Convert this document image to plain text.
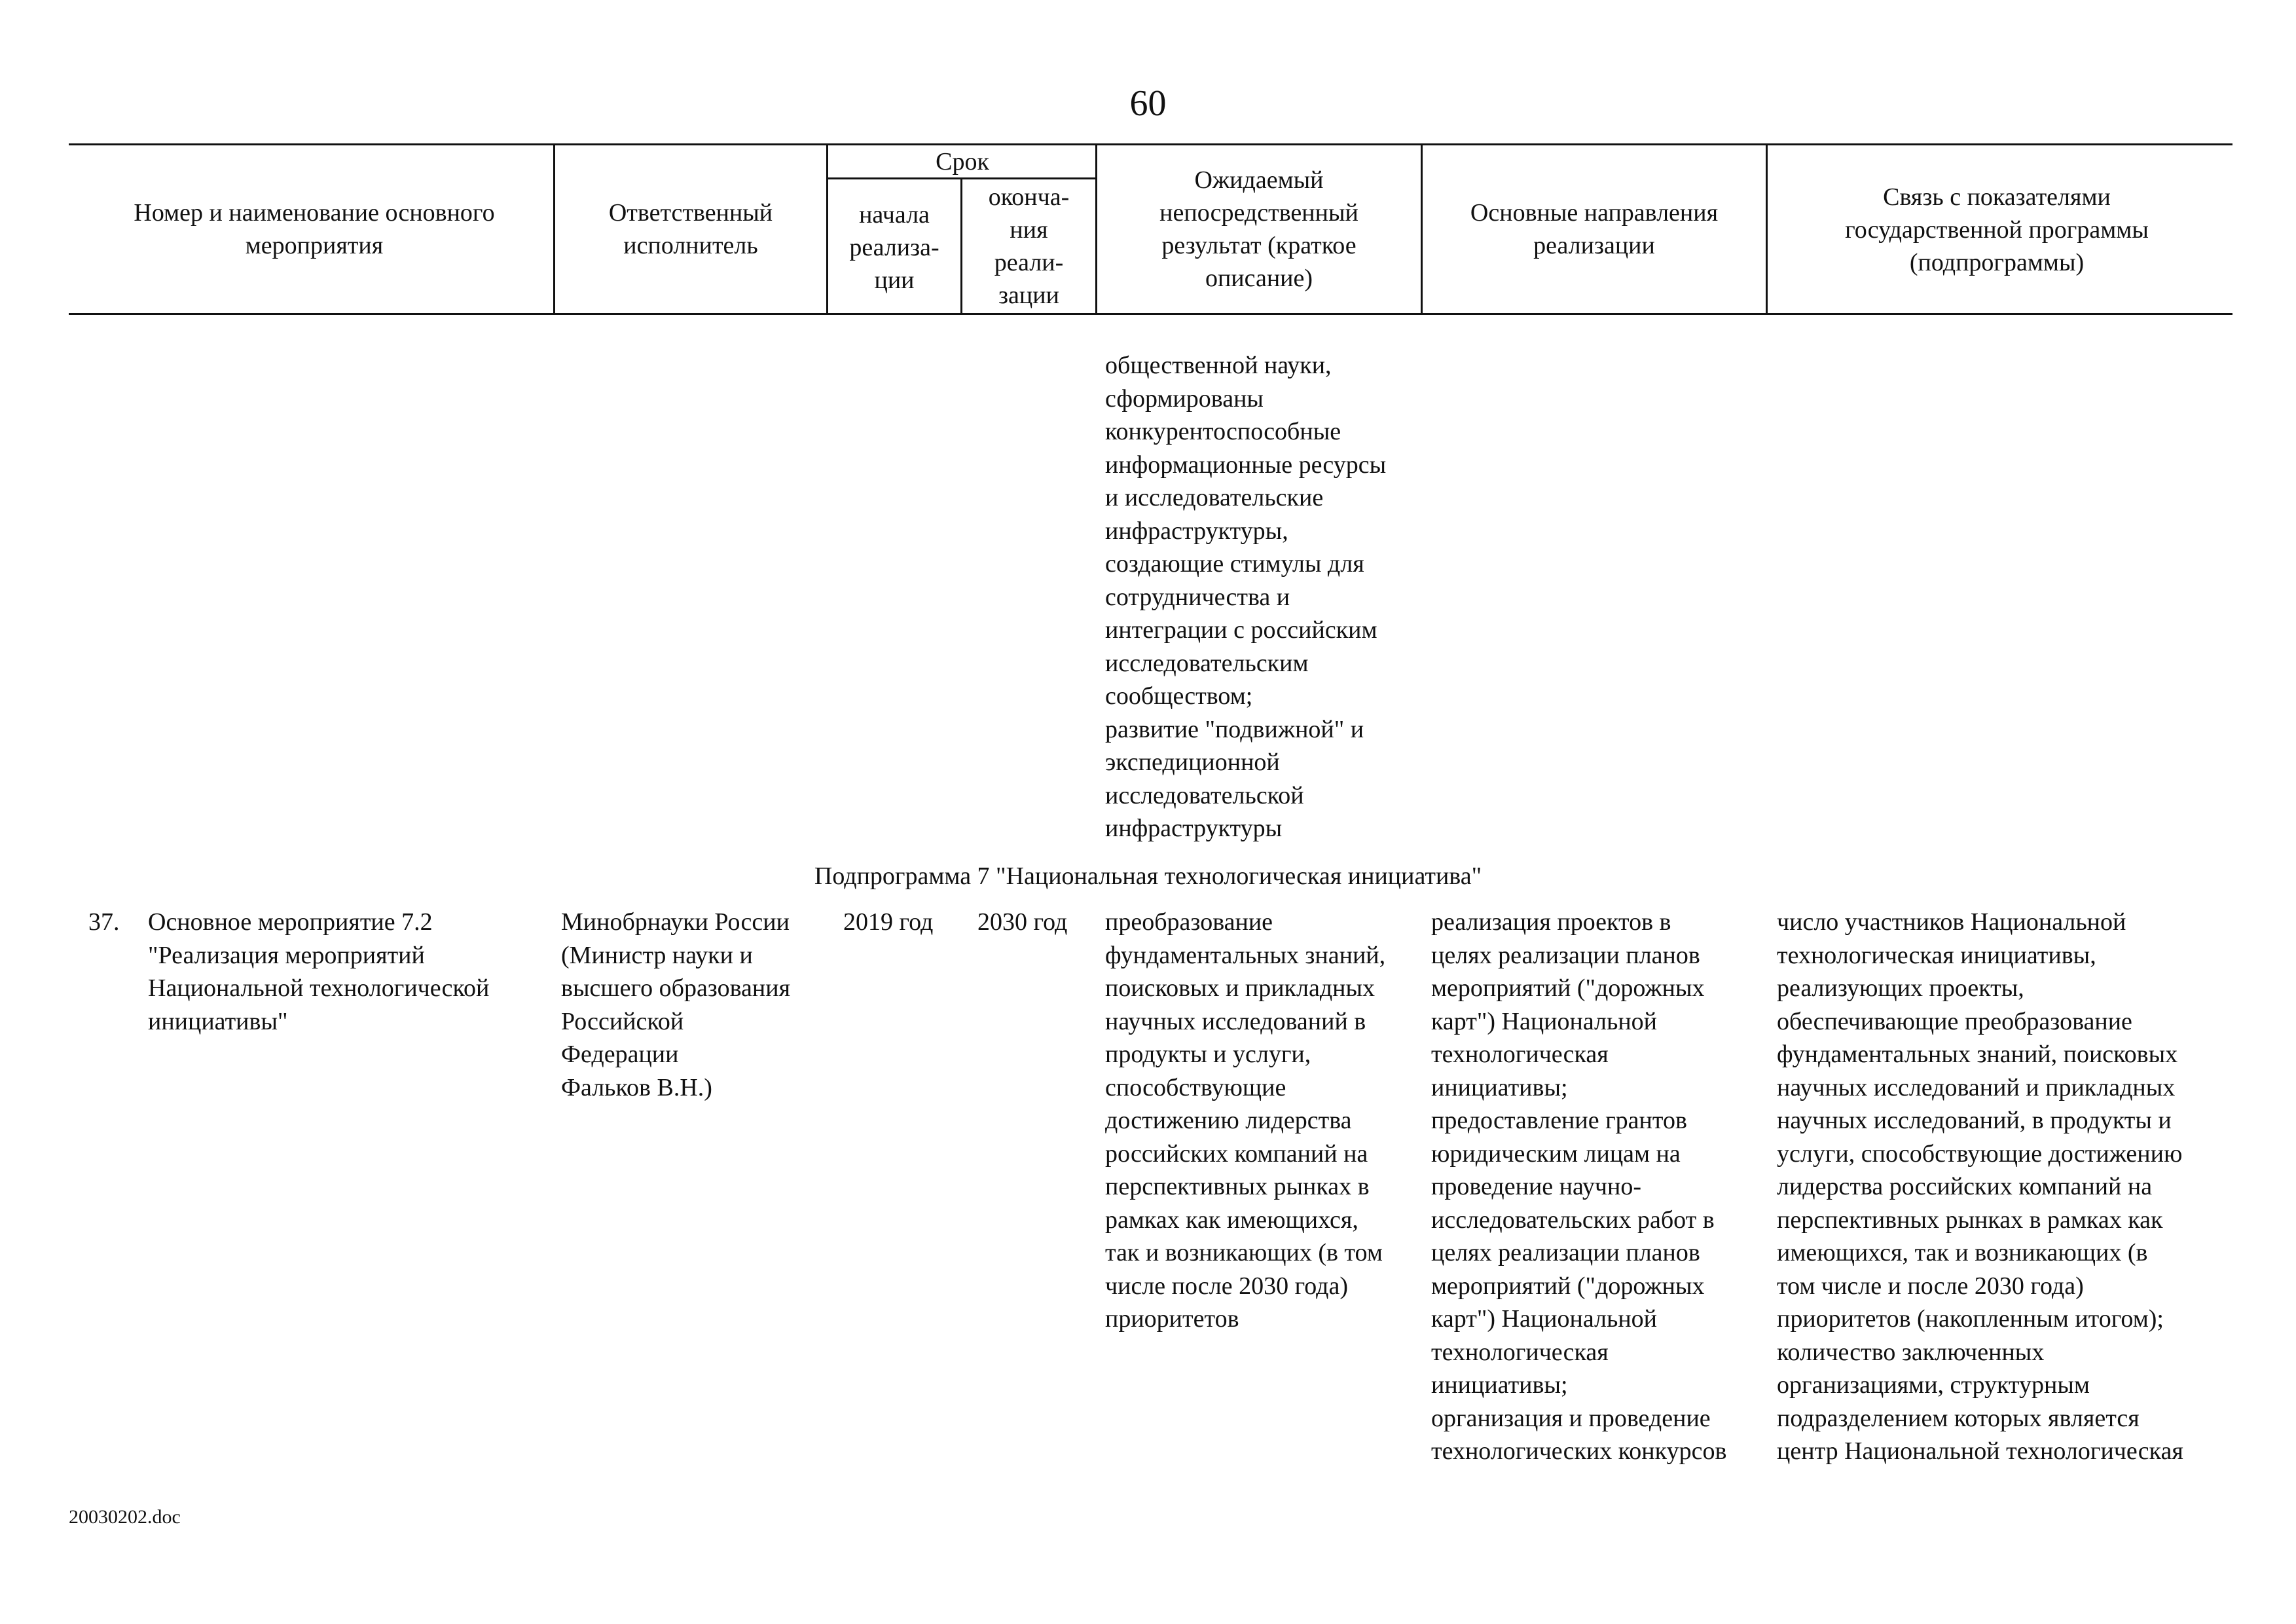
60
Номер и наименование основного мероприятия
Ответственный исполнитель
Срок
начала
реализа-
ции
оконча-
ния
реали-
зации
Ожидаемый
непосредственный
результат (краткое
описание)
Основные направления реализации
Связь с показателями государственной программы (подпрограммы)
общественной науки,
сформированы
конкурентоспособные
информационные ресурсы
и исследовательские
инфраструктуры,
создающие стимулы для
сотрудничества и
интеграции с российским
исследовательским
сообществом;
развитие "подвижной" и
экспедиционной
исследовательской
инфраструктуры
Подпрограмма 7 "Национальная технологическая инициатива"
37. Основное мероприятие 7.2
"Реализация мероприятий
Национальной технологической
инициативы"
Минобрнауки России
(Министр науки и
высшего образования
Российской
Федерации
Фальков В.Н.)
2019 год	2030 год	преобразование
фундаментальных знаний,
поисковых и прикладных
научных исследований в
продукты и услуги,
способствующие
достижению лидерства
российских компаний на
перспективных рынках в
рамках как имеющихся,
так и возникающих (в том
числе после 2030 года)
приоритетов
реализация проектов в
целях реализации планов
мероприятий ("дорожных
карт") Национальной
технологическая
инициативы;
предоставление грантов
юридическим лицам на
проведение научно-
исследовательских работ в
целях реализации планов
мероприятий ("дорожных
карт") Национальной
технологическая
инициативы;
организация и проведение
технологических конкурсов
число участников Национальной
технологическая инициативы,
реализующих проекты,
обеспечивающие преобразование
фундаментальных знаний, поисковых
научных исследований и прикладных
научных исследований, в продукты и
услуги, способствующие достижению
лидерства российских компаний на
перспективных рынках в рамках как
имеющихся, так и возникающих (в
том числе и после 2030 года)
приоритетов (накопленным итогом);
количество заключенных
организациями, структурным
подразделением которых является
центр Национальной технологическая
20030202.doc
